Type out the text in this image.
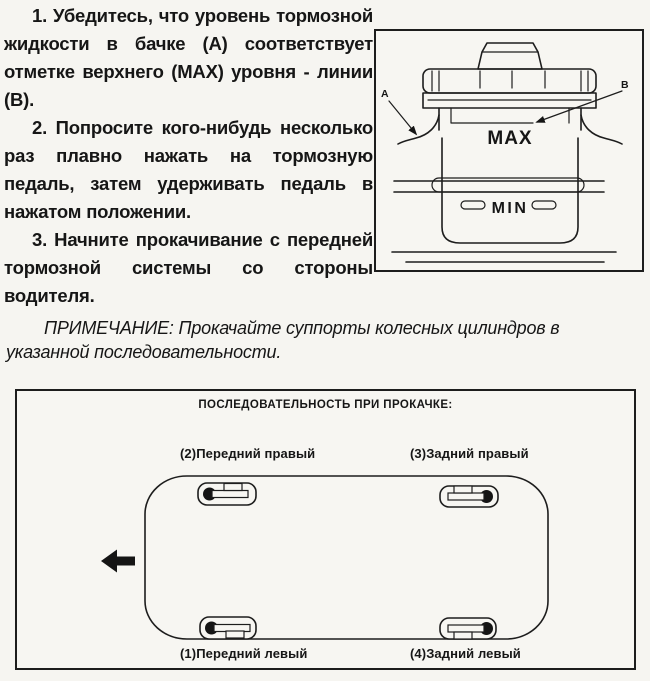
1. Убедитесь, что уровень тормозной жидкости в бачке (А) соответствует отметке верхнего (MAX) уровня - линии (В).

2. Попросите кого-нибудь несколько раз плавно нажать на тормозную педаль, затем удерживать педаль в нажатом положении.

3. Начните прокачивание с передней тормозной системы со стороны водителя.

ПРИМЕЧАНИЕ: Прокачайте суппорты колесных цилиндров в указанной последовательности.

A
B
MAX
MIN
ПОСЛЕДОВАТЕЛЬНОСТЬ ПРИ ПРОКАЧКЕ:
(2)Передний правый	(3)Задний правый
(1)Передний левый	(4)Задний левый
